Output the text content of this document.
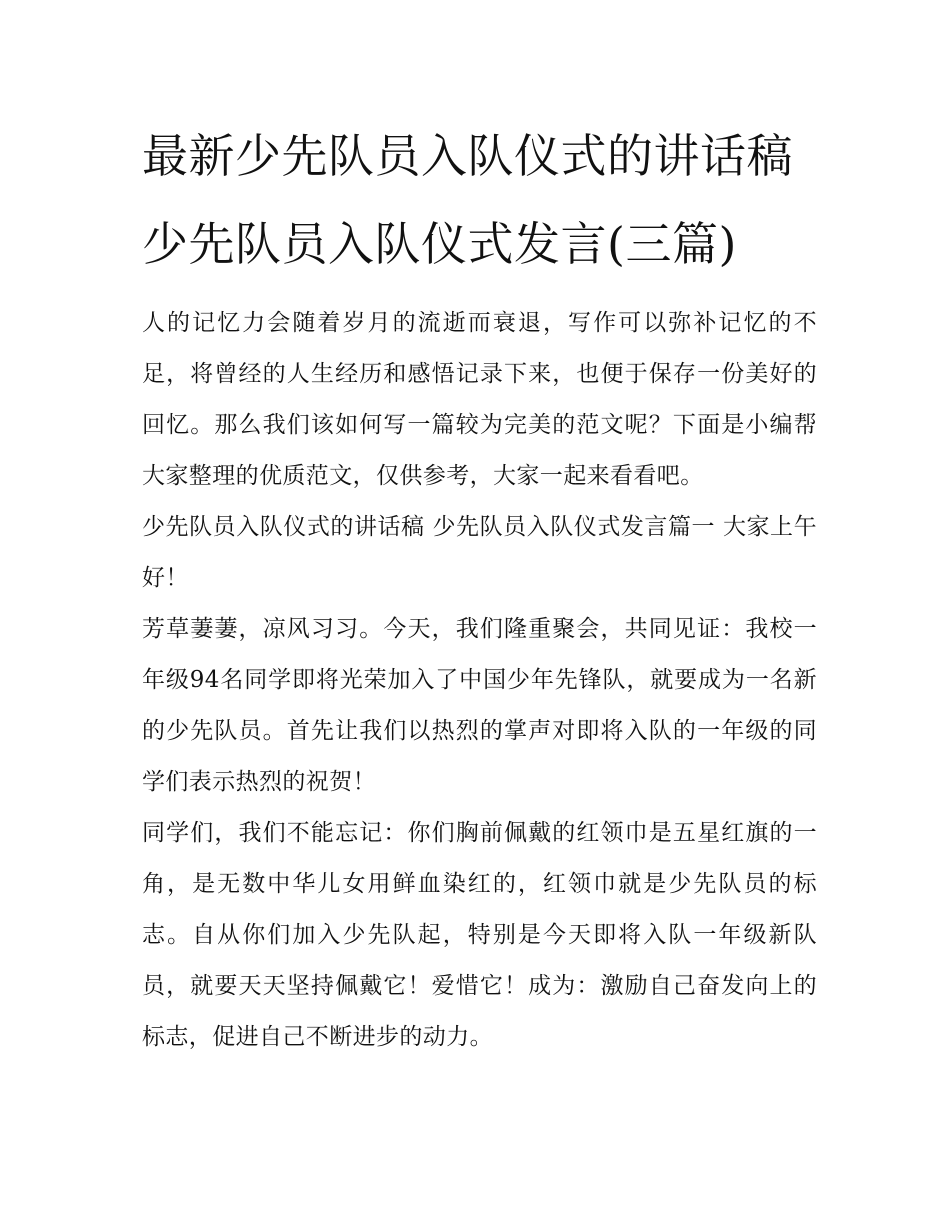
最新少先队员入队仪式的讲话稿 少先队员入队仪式发言(三篇)

人的记忆力会随着岁月的流逝而衰退，写作可以弥补记忆的不足，将曾经的人生经历和感悟记录下来，也便于保存一份美好的回忆。那么我们该如何写一篇较为完美的范文呢？下面是小编帮大家整理的优质范文，仅供参考，大家一起来看看吧。

少先队员入队仪式的讲话稿 少先队员入队仪式发言篇一 大家上午好！

芳草萋萋，凉风习习。今天，我们隆重聚会，共同见证：我校一年级94名同学即将光荣加入了中国少年先锋队，就要成为一名新的少先队员。首先让我们以热烈的掌声对即将入队的一年级的同学们表示热烈的祝贺！

同学们，我们不能忘记：你们胸前佩戴的红领巾是五星红旗的一角，是无数中华儿女用鲜血染红的，红领巾就是少先队员的标志。自从你们加入少先队起，特别是今天即将入队一年级新队员，就要天天坚持佩戴它！爱惜它！成为：激励自己奋发向上的标志，促进自己不断进步的动力。
